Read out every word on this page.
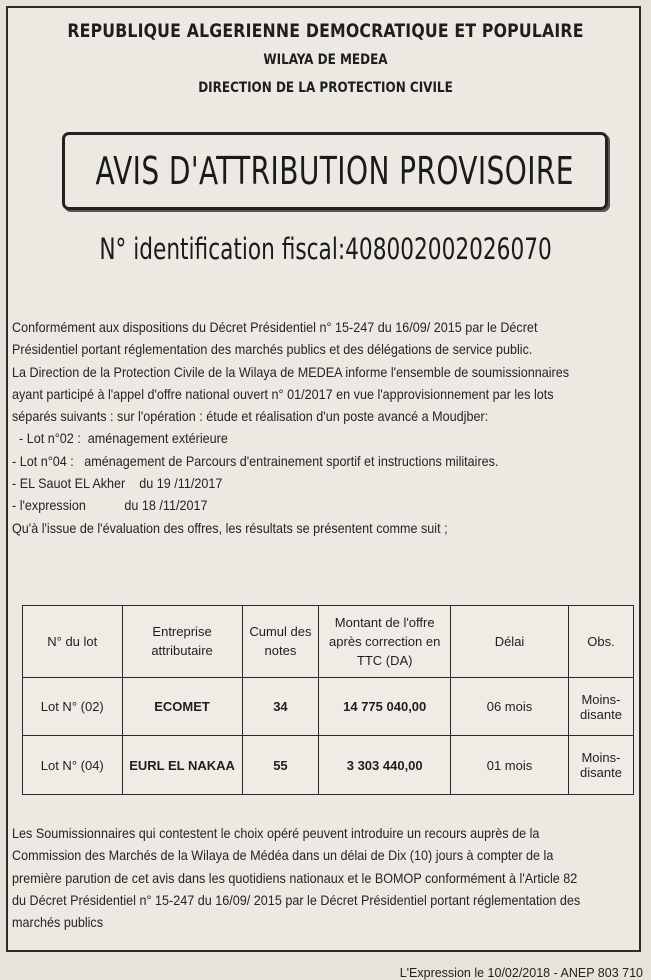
REPUBLIQUE ALGERIENNE DEMOCRATIQUE ET POPULAIRE
WILAYA DE MEDEA
DIRECTION DE LA PROTECTION CIVILE
AVIS D'ATTRIBUTION PROVISOIRE
N° identification fiscal:408002002026070
Conformément aux dispositions du Décret Présidentiel n° 15-247 du 16/09/ 2015 par le Décret
Présidentiel portant réglementation des marchés publics et des délégations de service public.
La Direction de la Protection Civile de la Wilaya de MEDEA informe l'ensemble de soumissionnaires
ayant participé à l'appel d'offre national ouvert n° 01/2017 en vue l'approvisionnement par les lots
séparés suivants : sur l'opération : étude et réalisation d'un poste avancé a Moudjber:
- Lot n°02 :  aménagement extérieure
- Lot n°04 :   aménagement de Parcours d'entrainement sportif et instructions militaires.
- EL Sauot EL Akher    du 19 /11/2017
- l'expression           du 18 /11/2017
Qu'à l'issue de l'évaluation des offres, les résultats se présentent comme suit ;
N° du lot	Entreprise attributaire	Cumul des notes	Montant de l'offre après correction en TTC (DA)	Délai	Obs.
Lot N° (02)	ECOMET	34	14 775 040,00	06 mois	Moins-disante
Lot N° (04)	EURL EL NAKAA	55	3 303 440,00	01 mois	Moins-disante
Les Soumissionnaires qui contestent le choix opéré peuvent introduire un recours auprès de la
Commission des Marchés de la Wilaya de Médéa dans un délai de Dix (10) jours à compter de la
première parution de cet avis dans les quotidiens nationaux et le BOMOP conformément à l'Article 82
du Décret Présidentiel n° 15-247 du 16/09/ 2015 par le Décret Présidentiel portant réglementation des
marchés publics
L'Expression le 10/02/2018 - ANEP 803 710
